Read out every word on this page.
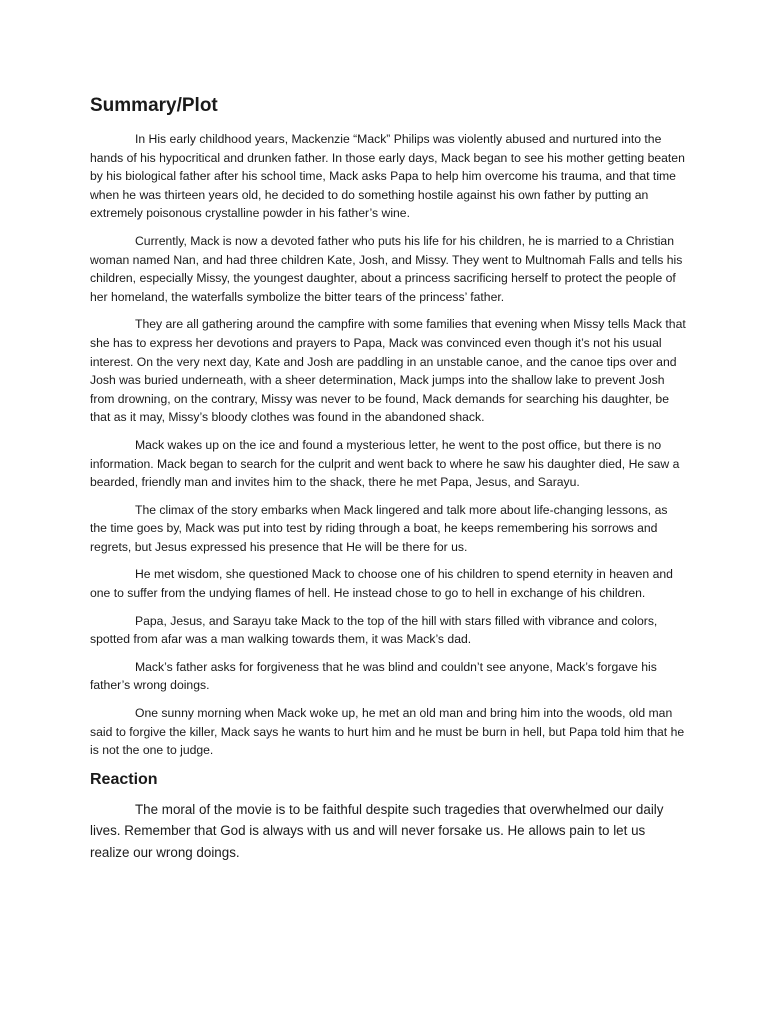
Summary/Plot

In His early childhood years, Mackenzie “Mack” Philips was violently abused and nurtured into the hands of his hypocritical and drunken father. In those early days, Mack began to see his mother getting beaten by his biological father after his school time, Mack asks Papa to help him overcome his trauma, and that time when he was thirteen years old, he decided to do something hostile against his own father by putting an extremely poisonous crystalline powder in his father’s wine.

Currently, Mack is now a devoted father who puts his life for his children, he is married to a Christian woman named Nan, and had three children Kate, Josh, and Missy. They went to Multnomah Falls and tells his children, especially Missy, the youngest daughter, about a princess sacrificing herself to protect the people of her homeland, the waterfalls symbolize the bitter tears of the princess’ father.

They are all gathering around the campfire with some families that evening when Missy tells Mack that she has to express her devotions and prayers to Papa, Mack was convinced even though it’s not his usual interest. On the very next day, Kate and Josh are paddling in an unstable canoe, and the canoe tips over and Josh was buried underneath, with a sheer determination, Mack jumps into the shallow lake to prevent Josh from drowning, on the contrary, Missy was never to be found, Mack demands for searching his daughter, be that as it may, Missy’s bloody clothes was found in the abandoned shack.

Mack wakes up on the ice and found a mysterious letter, he went to the post office, but there is no information. Mack began to search for the culprit and went back to where he saw his daughter died, He saw a bearded, friendly man and invites him to the shack, there he met Papa, Jesus, and Sarayu.

The climax of the story embarks when Mack lingered and talk more about life-changing lessons, as the time goes by, Mack was put into test by riding through a boat, he keeps remembering his sorrows and regrets, but Jesus expressed his presence that He will be there for us.

He met wisdom, she questioned Mack to choose one of his children to spend eternity in heaven and one to suffer from the undying flames of hell. He instead chose to go to hell in exchange of his children.

Papa, Jesus, and Sarayu take Mack to the top of the hill with stars filled with vibrance and colors, spotted from afar was a man walking towards them, it was Mack’s dad.

Mack’s father asks for forgiveness that he was blind and couldn’t see anyone, Mack’s forgave his father’s wrong doings.

One sunny morning when Mack woke up, he met an old man and bring him into the woods, old man said to forgive the killer, Mack says he wants to hurt him and he must be burn in hell, but Papa told him that he is not the one to judge.

Reaction

The moral of the movie is to be faithful despite such tragedies that overwhelmed our daily lives. Remember that God is always with us and will never forsake us. He allows pain to let us realize our wrong doings.
